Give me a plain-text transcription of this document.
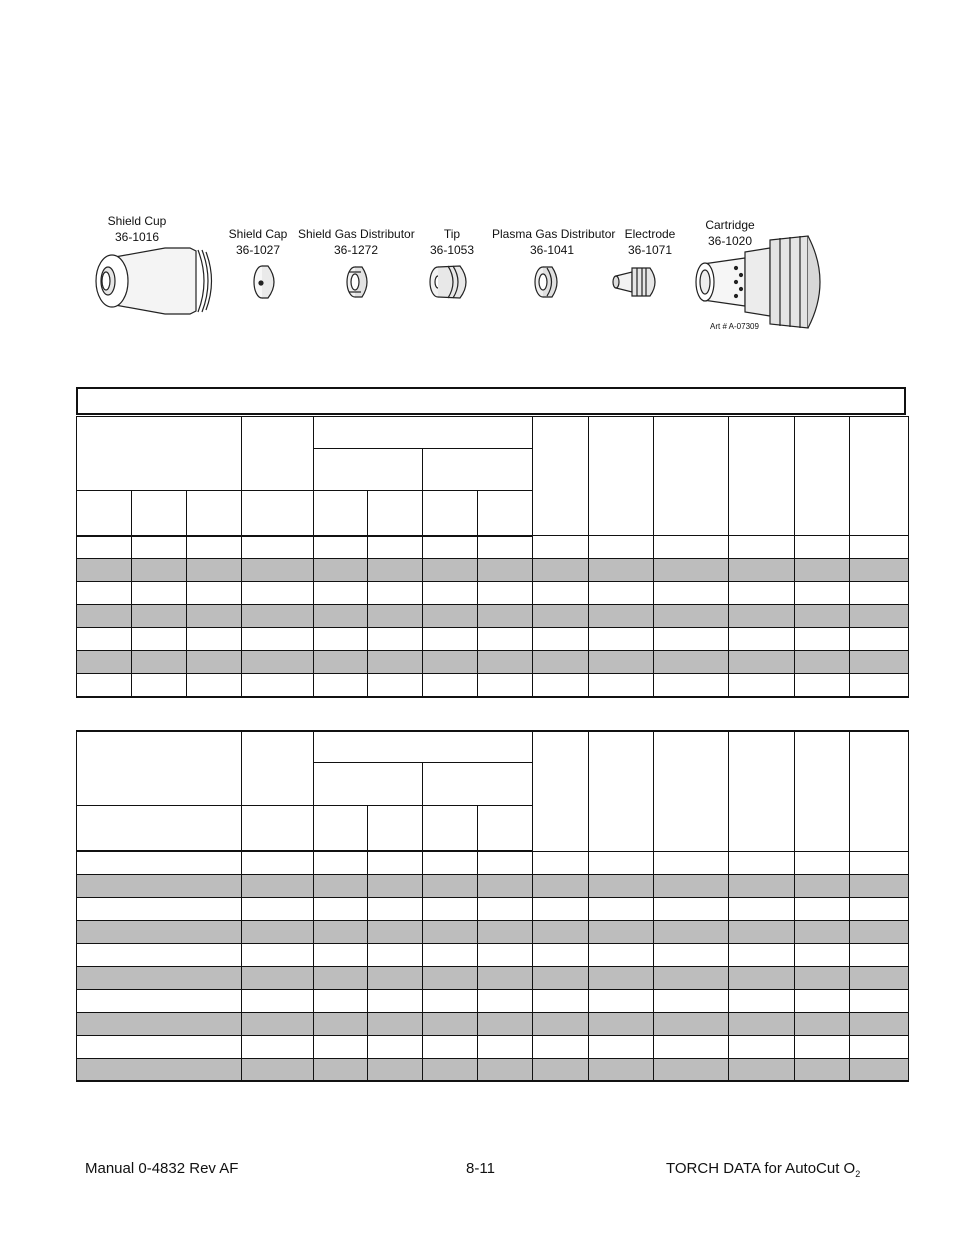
Shield Cup
36-1016	Shield Cap
36-1027
Shield Gas Distributor
36-1272
Tip
36-1053
Plasma Gas Distributor
36-1041
Electrode
36-1071
Cartridge
36-1020
Art # A-07309

Manual 0-4832 Rev AF	8-11	TORCH DATA for AutoCut $O_2$
